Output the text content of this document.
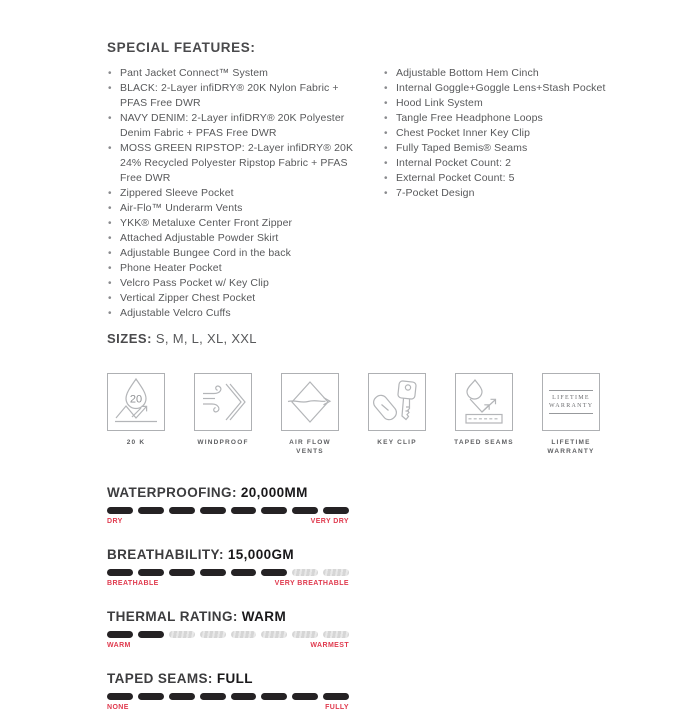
SPECIAL FEATURES:
• Pant Jacket Connect™ System
• BLACK: 2-Layer infiDRY® 20K Nylon Fabric + PFAS Free DWR
• NAVY DENIM: 2-Layer infiDRY® 20K Polyester Denim Fabric + PFAS Free DWR
• MOSS GREEN RIPSTOP: 2-Layer infiDRY® 20K 24% Recycled Polyester Ripstop Fabric + PFAS Free DWR
• Zippered Sleeve Pocket
• Air-Flo™ Underarm Vents
• YKK® Metaluxe Center Front Zipper
• Attached Adjustable Powder Skirt
• Adjustable Bungee Cord in the back
• Phone Heater Pocket
• Velcro Pass Pocket w/ Key Clip
• Vertical Zipper Chest Pocket
• Adjustable Velcro Cuffs
• Adjustable Bottom Hem Cinch
• Internal Goggle+Goggle Lens+Stash Pocket
• Hood Link System
• Tangle Free Headphone Loops
• Chest Pocket Inner Key Clip
• Fully Taped Bemis® Seams
• Internal Pocket Count: 2
• External Pocket Count: 5
• 7-Pocket Design
SIZES: S, M, L, XL, XXL
20
20 K	WINDPROOF	AIR FLOW VENTS
KEY CLIP	TAPED SEAMS
LIFETIME WARRANTY
LIFETIME WARRANTY
WATERPROOFING: 20,000MM
DRY	VERY DRY
BREATHABILITY: 15,000GM
BREATHABLE	VERY BREATHABLE
THERMAL RATING: WARM
WARM	WARMEST
TAPED SEAMS: FULL
NONE	FULLY
